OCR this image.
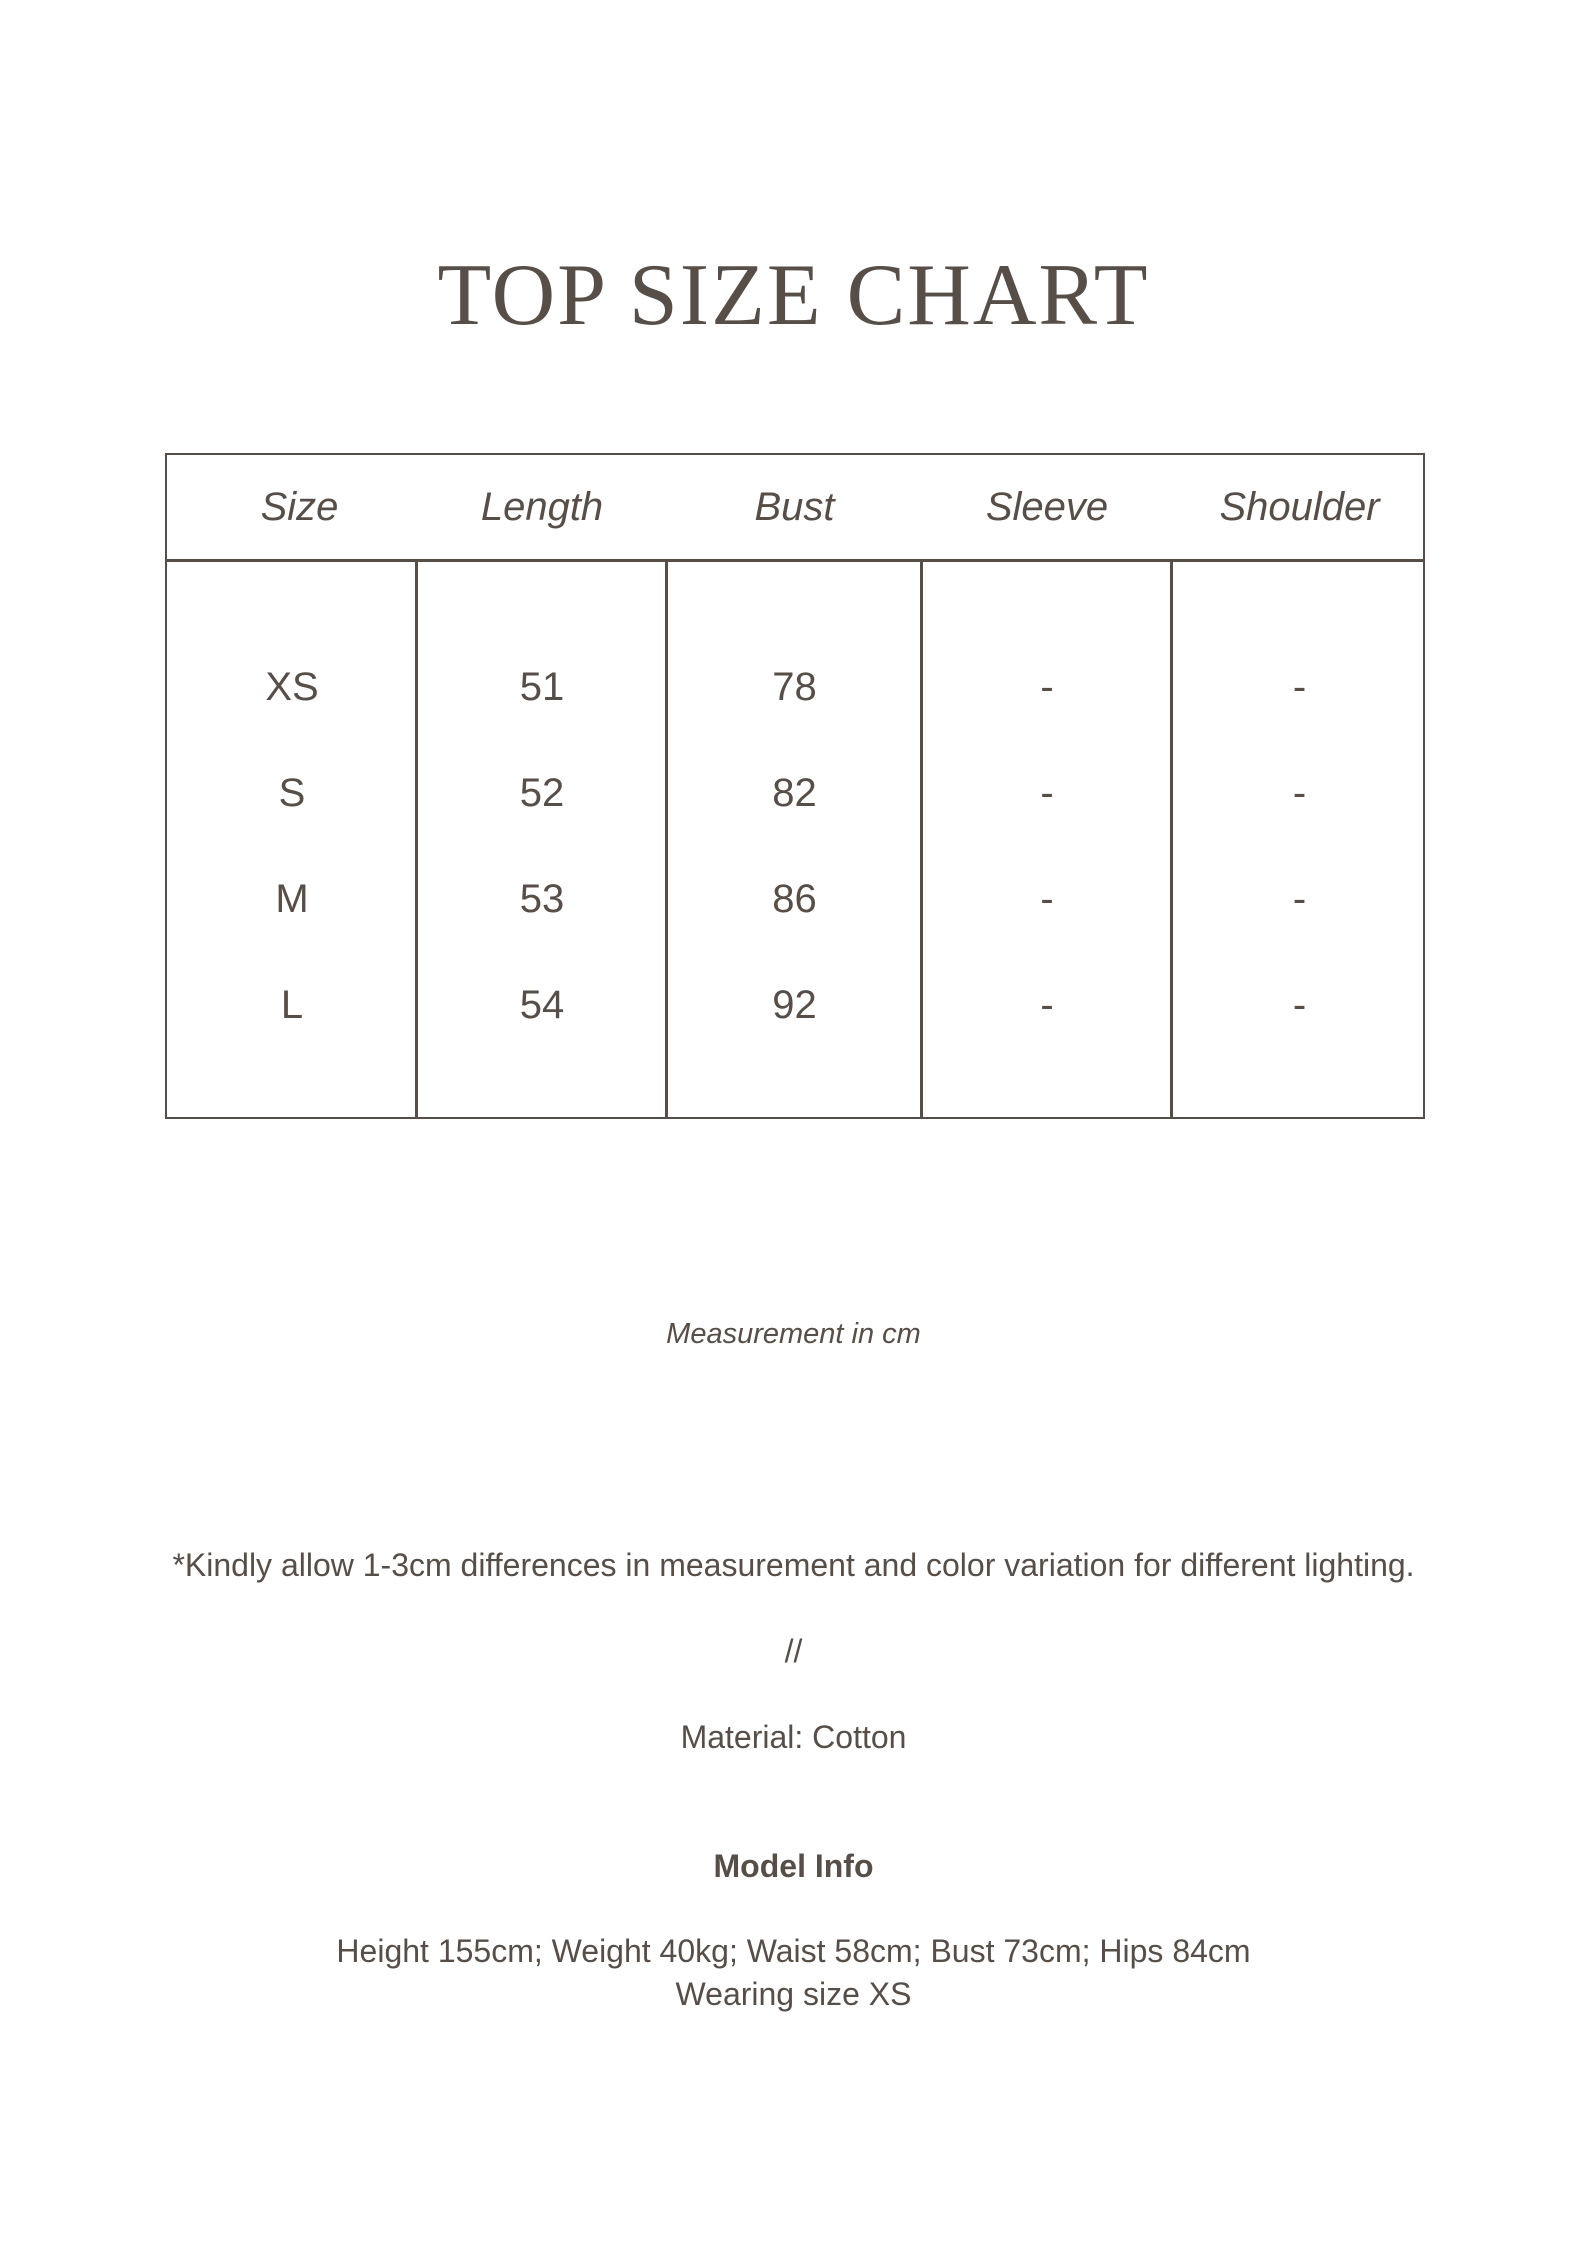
TOP SIZE CHART
Size	Length	Bust	Sleeve	Shoulder
XS	51	78	-	-
S	52	82	-	-
M	53	86	-	-
L	54	92	-	-
Measurement in cm
*Kindly allow 1-3cm differences in measurement and color variation for different lighting.
//
Material: Cotton
Model Info
Height 155cm; Weight 40kg; Waist 58cm; Bust 73cm; Hips 84cm
Wearing size XS
